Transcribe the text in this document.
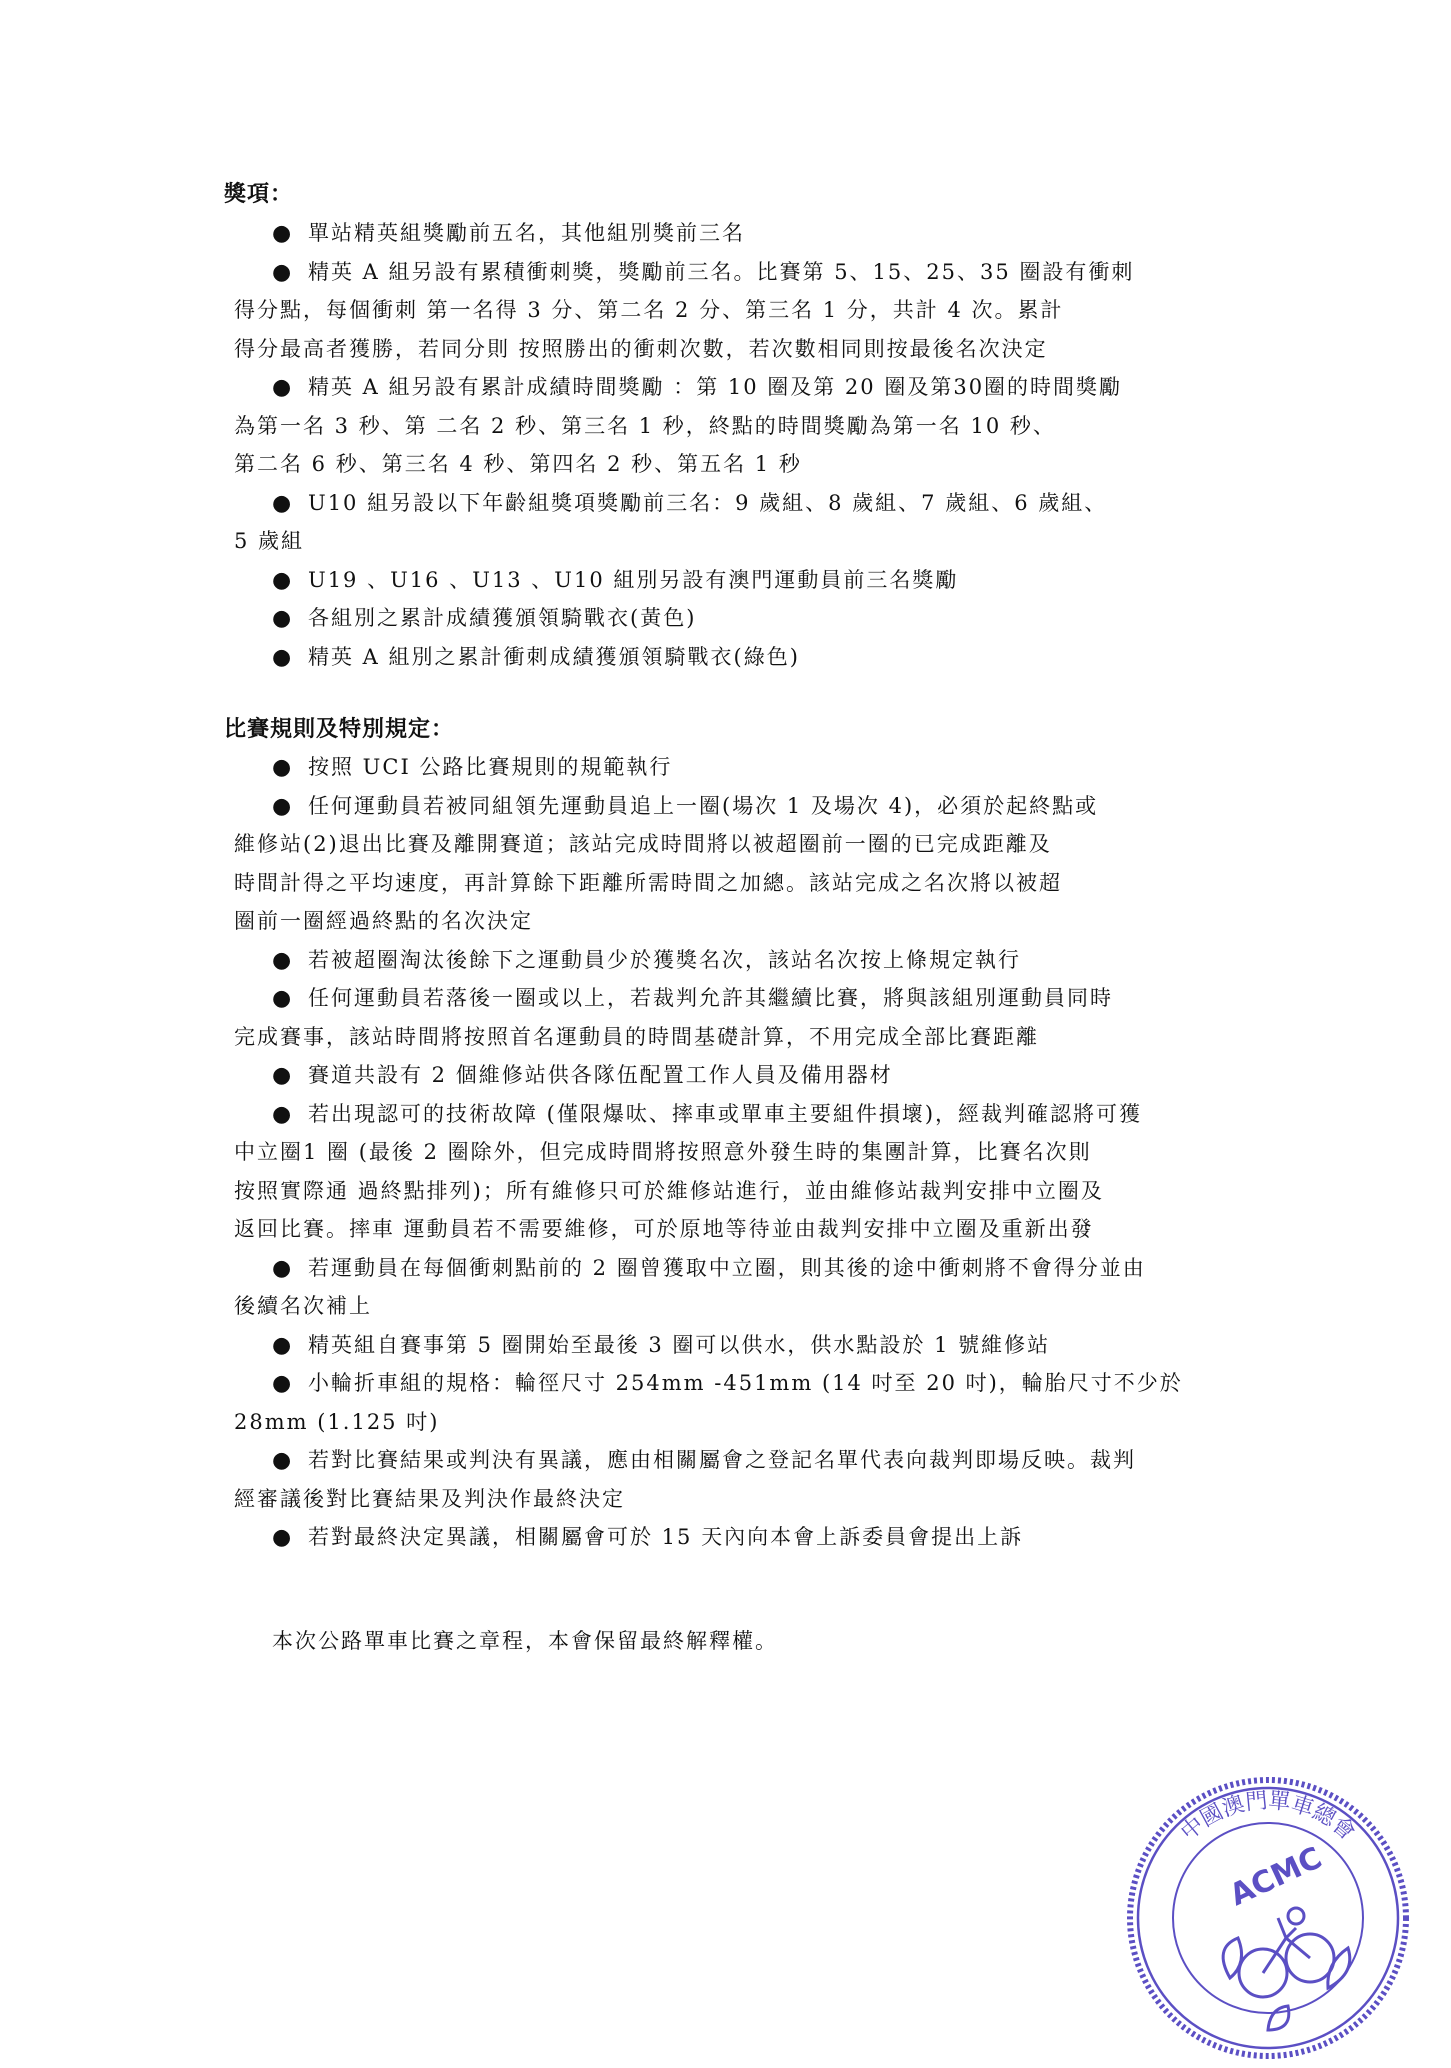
獎項：
● 單站精英組獎勵前五名，其他組別獎前三名
● 精英 A 組另設有累積衝刺獎，獎勵前三名。比賽第 5、15、25、35 圈設有衝刺
得分點，每個衝刺 第一名得 3 分、第二名 2 分、第三名 1 分，共計 4 次。累計
得分最高者獲勝，若同分則 按照勝出的衝刺次數，若次數相同則按最後名次決定
● 精英 A 組另設有累計成績時間獎勵 ：第 10 圈及第 20 圈及第30圈的時間獎勵
為第一名 3 秒、第 二名 2 秒、第三名 1 秒，終點的時間獎勵為第一名 10 秒、
第二名 6 秒、第三名 4 秒、第四名 2 秒、第五名 1 秒
● U10 組另設以下年齡組獎項獎勵前三名：9 歲組、8 歲組、7 歲組、6 歲組、
5 歲組
● U19 、U16 、U13 、U10 組別另設有澳門運動員前三名獎勵
● 各組別之累計成績獲頒領騎戰衣(黃色)
● 精英 A 組別之累計衝刺成績獲頒領騎戰衣(綠色)
比賽規則及特別規定：
● 按照 UCI 公路比賽規則的規範執行
● 任何運動員若被同組領先運動員追上一圈(場次 1 及場次 4)，必須於起終點或
維修站(2)退出比賽及離開賽道；該站完成時間將以被超圈前一圈的已完成距離及
時間計得之平均速度，再計算餘下距離所需時間之加總。該站完成之名次將以被超
圈前一圈經過終點的名次決定
● 若被超圈淘汰後餘下之運動員少於獲獎名次，該站名次按上條規定執行
● 任何運動員若落後一圈或以上，若裁判允許其繼續比賽，將與該組別運動員同時
完成賽事，該站時間將按照首名運動員的時間基礎計算，不用完成全部比賽距離
● 賽道共設有 2 個維修站供各隊伍配置工作人員及備用器材
● 若出現認可的技術故障 (僅限爆呔、摔車或單車主要組件損壞)，經裁判確認將可獲
中立圈1 圈 (最後 2 圈除外，但完成時間將按照意外發生時的集團計算，比賽名次則
按照實際通 過終點排列)；所有維修只可於維修站進行，並由維修站裁判安排中立圈及
返回比賽。摔車 運動員若不需要維修，可於原地等待並由裁判安排中立圈及重新出發
● 若運動員在每個衝刺點前的 2 圈曾獲取中立圈，則其後的途中衝刺將不會得分並由
後續名次補上
● 精英組自賽事第 5 圈開始至最後 3 圈可以供水，供水點設於 1 號維修站
● 小輪折車組的規格：輪徑尺寸 254mm -451mm (14 吋至 20 吋)，輪胎尺寸不少於
28mm (1.125 吋)
● 若對比賽結果或判決有異議，應由相關屬會之登記名單代表向裁判即場反映。裁判
經審議後對比賽結果及判決作最終決定
● 若對最終決定異議，相關屬會可於 15 天內向本會上訴委員會提出上訴
本次公路單車比賽之章程，本會保留最終解釋權。
中國澳門單車總會
ACMC
